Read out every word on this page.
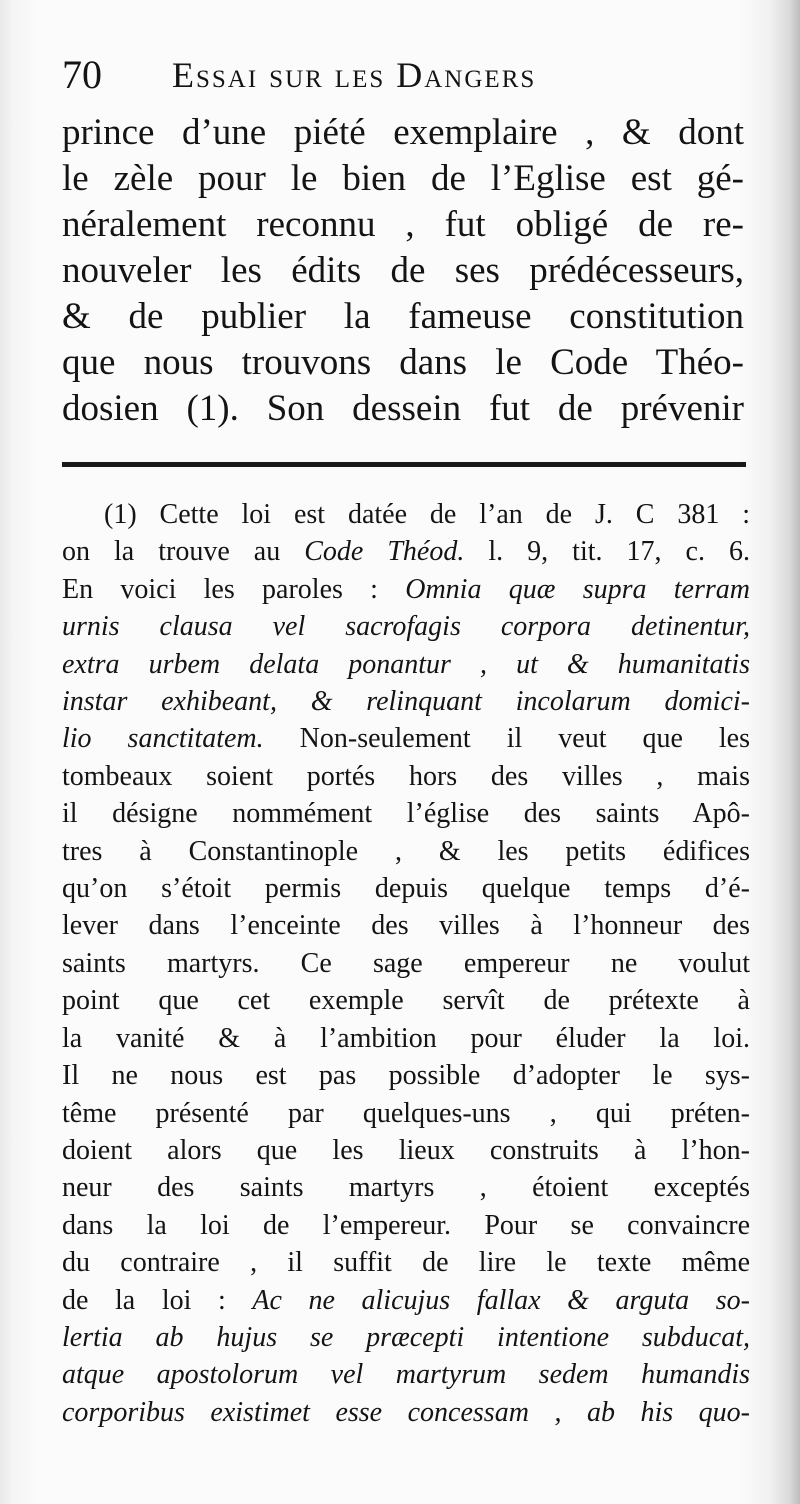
70 Essai sur les Dangers
prince d’une piété exemplaire , & dont
le zèle pour le bien de l’Eglise est gé-
néralement reconnu , fut obligé de re-
nouveler les édits de ses prédécesseurs,
& de publier la fameuse constitution
que nous trouvons dans le Code Théo-
dosien (1). Son dessein fut de prévenir
(1) Cette loi est datée de l’an de J. C 381 :
on la trouve au Code Théod. l. 9, tit. 17, c. 6.
En voici les paroles : Omnia quæ supra terram
urnis clausa vel sacrofagis corpora detinentur,
extra urbem delata ponantur , ut & humanitatis
instar exhibeant, & relinquant incolarum domici-
lio sanctitatem. Non-seulement il veut que les
tombeaux soient portés hors des villes , mais
il désigne nommément l’église des saints Apô-
tres à Constantinople , & les petits édifices
qu’on s’étoit permis depuis quelque temps d’é-
lever dans l’enceinte des villes à l’honneur des
saints martyrs. Ce sage empereur ne voulut
point que cet exemple servît de prétexte à
la vanité & à l’ambition pour éluder la loi.
Il ne nous est pas possible d’adopter le sys-
tême présenté par quelques-uns , qui préten-
doient alors que les lieux construits à l’hon-
neur des saints martyrs , étoient exceptés
dans la loi de l’empereur. Pour se convaincre
du contraire , il suffit de lire le texte même
de la loi : Ac ne alicujus fallax & arguta so-
lertia ab hujus se præcepti intentione subducat,
atque apostolorum vel martyrum sedem humandis
corporibus existimet esse concessam , ab his quo-
